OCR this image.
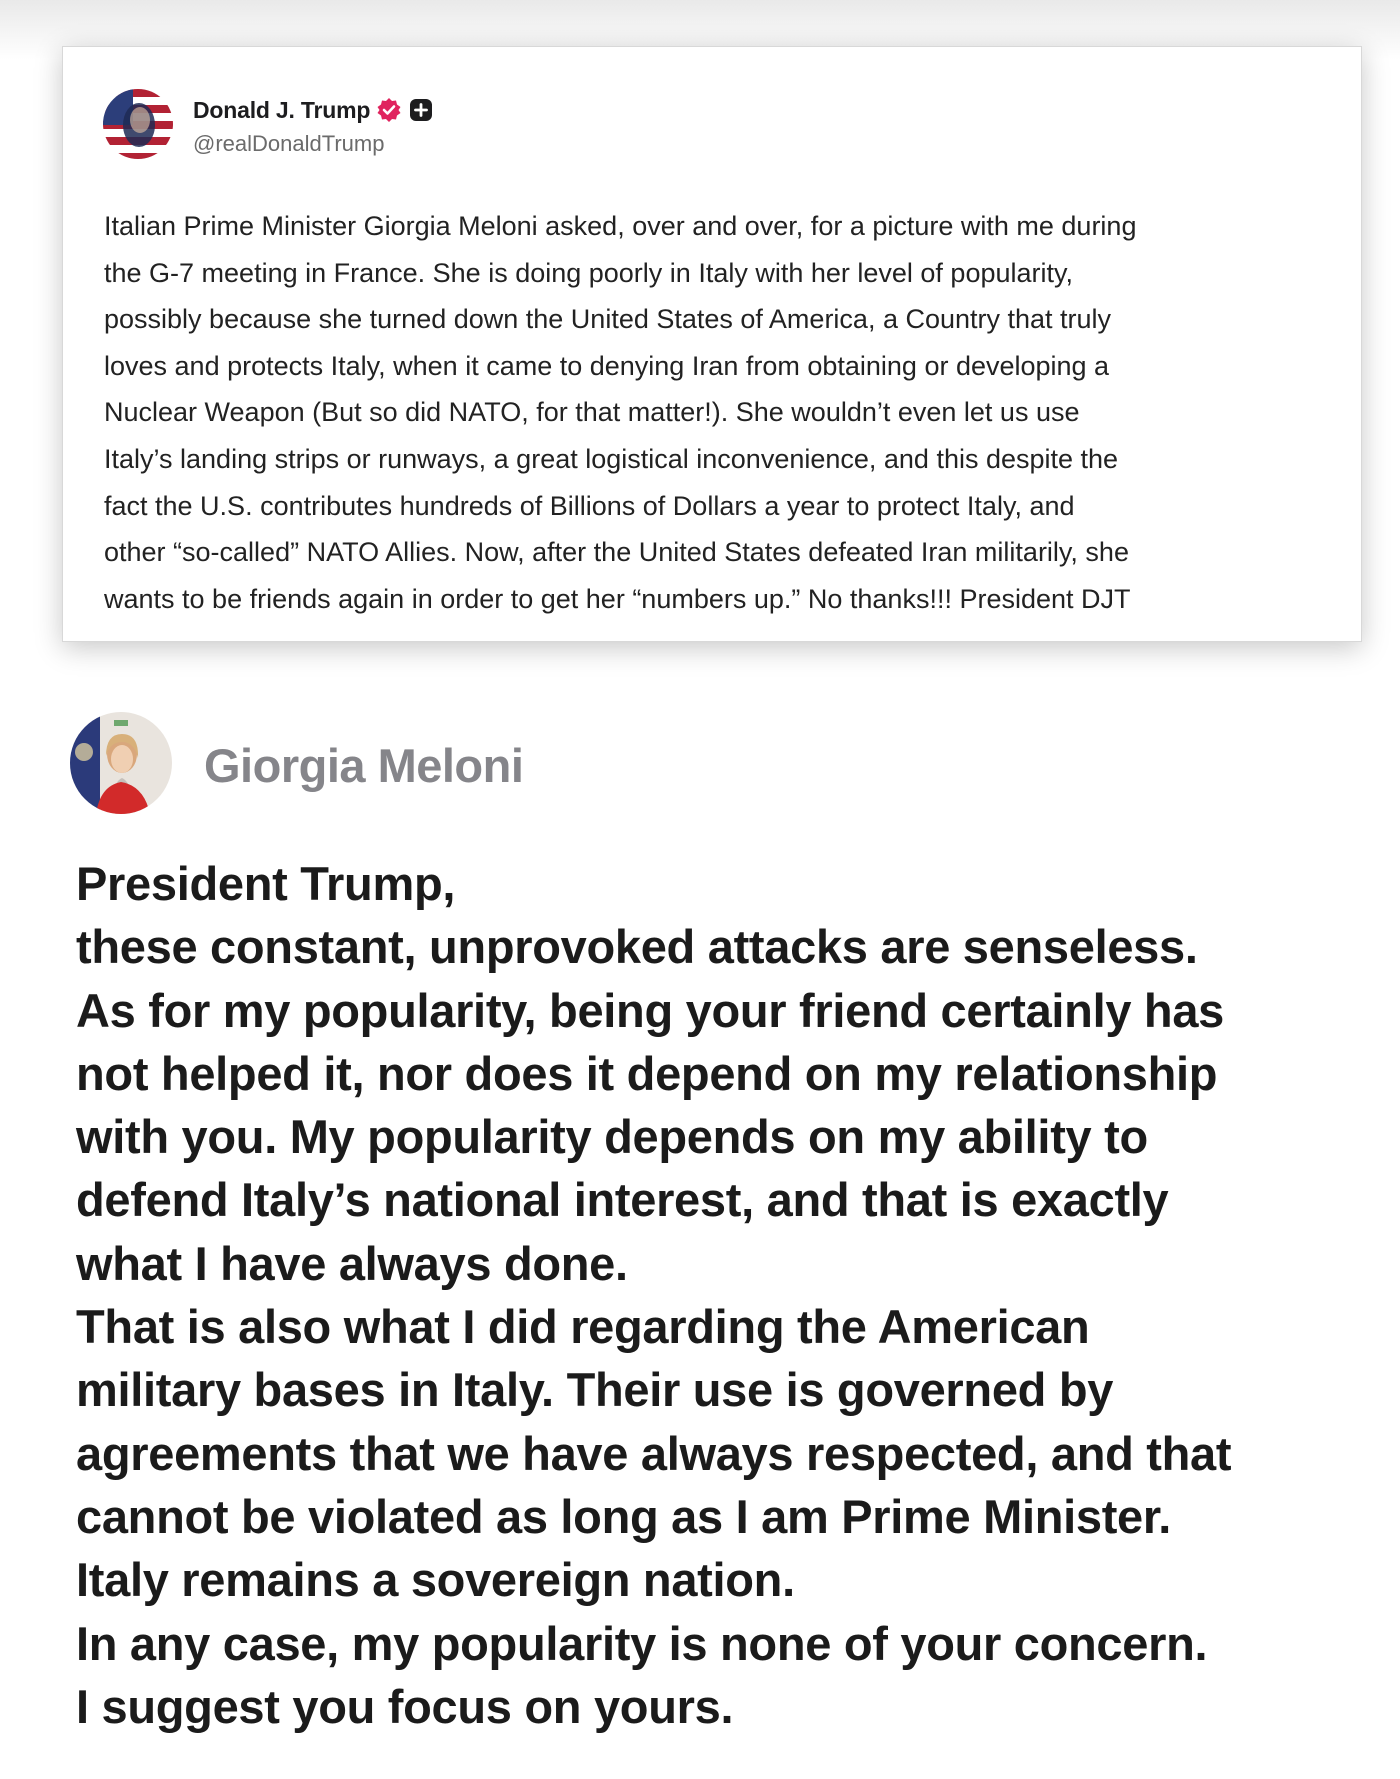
Donald J. Trump
@realDonaldTrump

Italian Prime Minister Giorgia Meloni asked, over and over, for a picture with me during
the G-7 meeting in France. She is doing poorly in Italy with her level of popularity,
possibly because she turned down the United States of America, a Country that truly
loves and protects Italy, when it came to denying Iran from obtaining or developing a
Nuclear Weapon (But so did NATO, for that matter!). She wouldn’t even let us use
Italy’s landing strips or runways, a great logistical inconvenience, and this despite the
fact the U.S. contributes hundreds of Billions of Dollars a year to protect Italy, and
other “so-called” NATO Allies. Now, after the United States defeated Iran militarily, she
wants to be friends again in order to get her “numbers up.” No thanks!!! President DJT

Giorgia Meloni

President Trump,
these constant, unprovoked attacks are senseless.
As for my popularity, being your friend certainly has
not helped it, nor does it depend on my relationship
with you. My popularity depends on my ability to
defend Italy’s national interest, and that is exactly
what I have always done.
That is also what I did regarding the American
military bases in Italy. Their use is governed by
agreements that we have always respected, and that
cannot be violated as long as I am Prime Minister.
Italy remains a sovereign nation.
In any case, my popularity is none of your concern.
I suggest you focus on yours.
